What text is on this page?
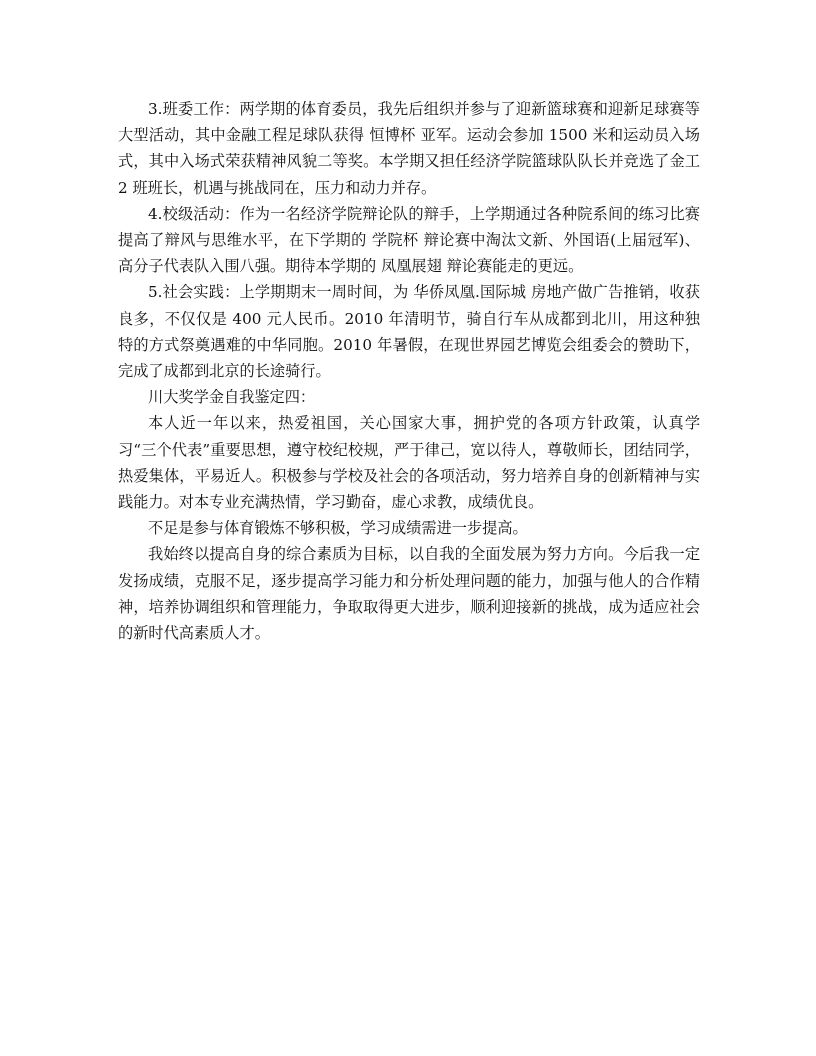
3.班委工作：两学期的体育委员，我先后组织并参与了迎新篮球赛和迎新足球赛等大型活动，其中金融工程足球队获得 恒博杯 亚军。运动会参加 1500 米和运动员入场式，其中入场式荣获精神风貌二等奖。本学期又担任经济学院篮球队队长并竞选了金工 2 班班长，机遇与挑战同在，压力和动力并存。

4.校级活动：作为一名经济学院辩论队的辩手，上学期通过各种院系间的练习比赛提高了辩风与思维水平，在下学期的 学院杯 辩论赛中淘汰文新、外国语(上届冠军)、高分子代表队入围八强。期待本学期的 凤凰展翅 辩论赛能走的更远。

5.社会实践：上学期期末一周时间，为 华侨凤凰.国际城 房地产做广告推销，收获良多，不仅仅是 400 元人民币。2010 年清明节，骑自行车从成都到北川，用这种独特的方式祭奠遇难的中华同胞。2010 年暑假，在现世界园艺博览会组委会的赞助下，完成了成都到北京的长途骑行。

川大奖学金自我鉴定四：

本人近一年以来，热爱祖国，关心国家大事，拥护党的各项方针政策，认真学习“三个代表”重要思想，遵守校纪校规，严于律己，宽以待人，尊敬师长，团结同学，热爱集体，平易近人。积极参与学校及社会的各项活动，努力培养自身的创新精神与实践能力。对本专业充满热情，学习勤奋，虚心求教，成绩优良。

不足是参与体育锻炼不够积极，学习成绩需进一步提高。

我始终以提高自身的综合素质为目标，以自我的全面发展为努力方向。今后我一定发扬成绩，克服不足，逐步提高学习能力和分析处理问题的能力，加强与他人的合作精神，培养协调组织和管理能力，争取取得更大进步，顺利迎接新的挑战，成为适应社会的新时代高素质人才。
